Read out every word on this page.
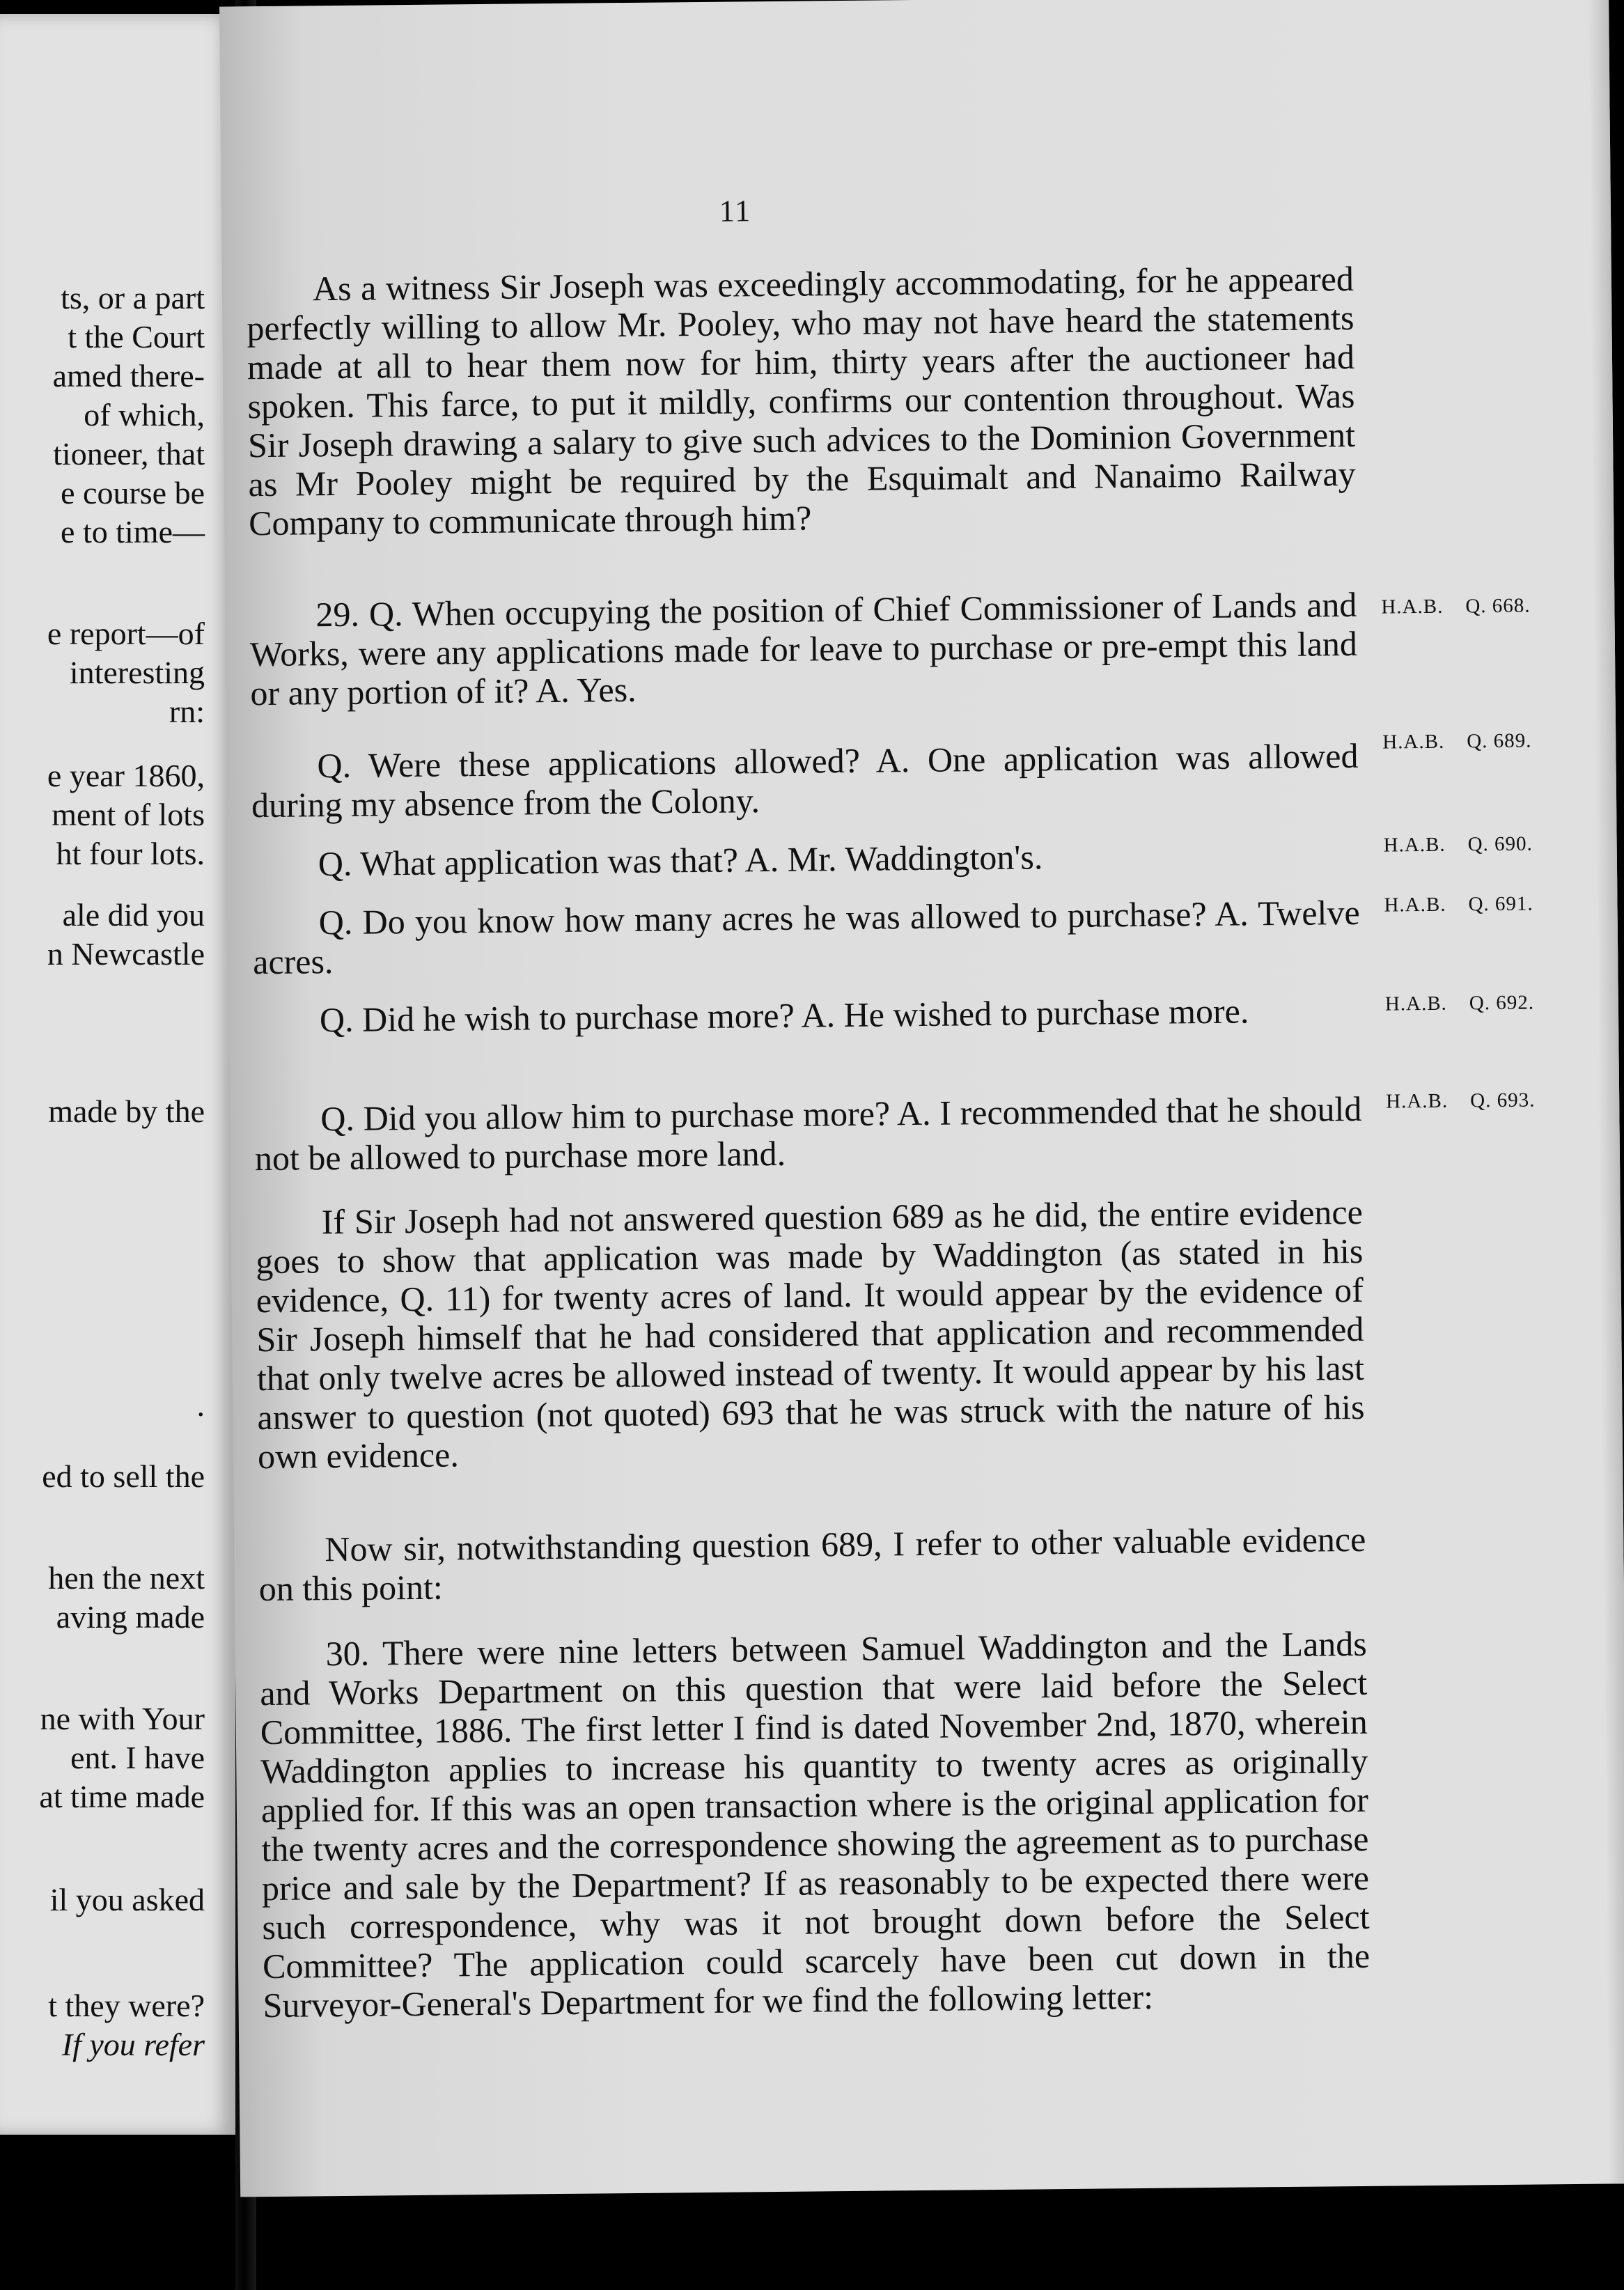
ts, or a part
t the Court
amed there-
of which,
tioneer, that
e course be
e to time—
e report—of
interesting
rn:
e year 1860,
ment of lots
ht four lots.
ale did you
n Newcastle
made by the
.
ed to sell the
hen the next
aving made
ne with Your
ent. I have
at time made
il you asked
t they were?
If you refer
11
As a witness Sir Joseph was exceedingly accommodating, for he appeared perfectly willing to allow Mr. Pooley, who may not have heard the statements made at all to hear them now for him, thirty years after the auctioneer had spoken. This farce, to put it mildly, confirms our contention throughout. Was Sir Joseph drawing a salary to give such advices to the Dominion Government as Mr Pooley might be required by the Esquimalt and Nanaimo Railway Company to communicate through him?
29. Q. When occupying the position of Chief Commissioner of Lands and Works, were any applications made for leave to purchase or pre-empt this land or any portion of it? A. Yes.
H.A.B. Q. 668.
Q. Were these applications allowed? A. One application was allowed during my absence from the Colony.
H.A.B. Q. 689.
Q. What application was that? A. Mr. Waddington's.	H.A.B. Q. 690.
Q. Do you know how many acres he was allowed to purchase? A. Twelve acres.
H.A.B. Q. 691.
Q. Did he wish to purchase more? A. He wished to purchase more.	H.A.B. Q. 692.
Q. Did you allow him to purchase more? A. I recommended that he should not be allowed to purchase more land.
H.A.B. Q. 693.
If Sir Joseph had not answered question 689 as he did, the entire evidence goes to show that application was made by Waddington (as stated in his evidence, Q. 11) for twenty acres of land. It would appear by the evidence of Sir Joseph himself that he had considered that application and recommended that only twelve acres be allowed instead of twenty. It would appear by his last answer to question (not quoted) 693 that he was struck with the nature of his own evidence.
Now sir, notwithstanding question 689, I refer to other valuable evidence on this point:
30. There were nine letters between Samuel Waddington and the Lands and Works Department on this question that were laid before the Select Committee, 1886. The first letter I find is dated November 2nd, 1870, wherein Waddington applies to increase his quantity to twenty acres as originally applied for. If this was an open transaction where is the original application for the twenty acres and the correspondence showing the agreement as to purchase price and sale by the Department? If as reasonably to be expected there were such correspondence, why was it not brought down before the Select Committee? The application could scarcely have been cut down in the Surveyor-General's Department for we find the following letter:
